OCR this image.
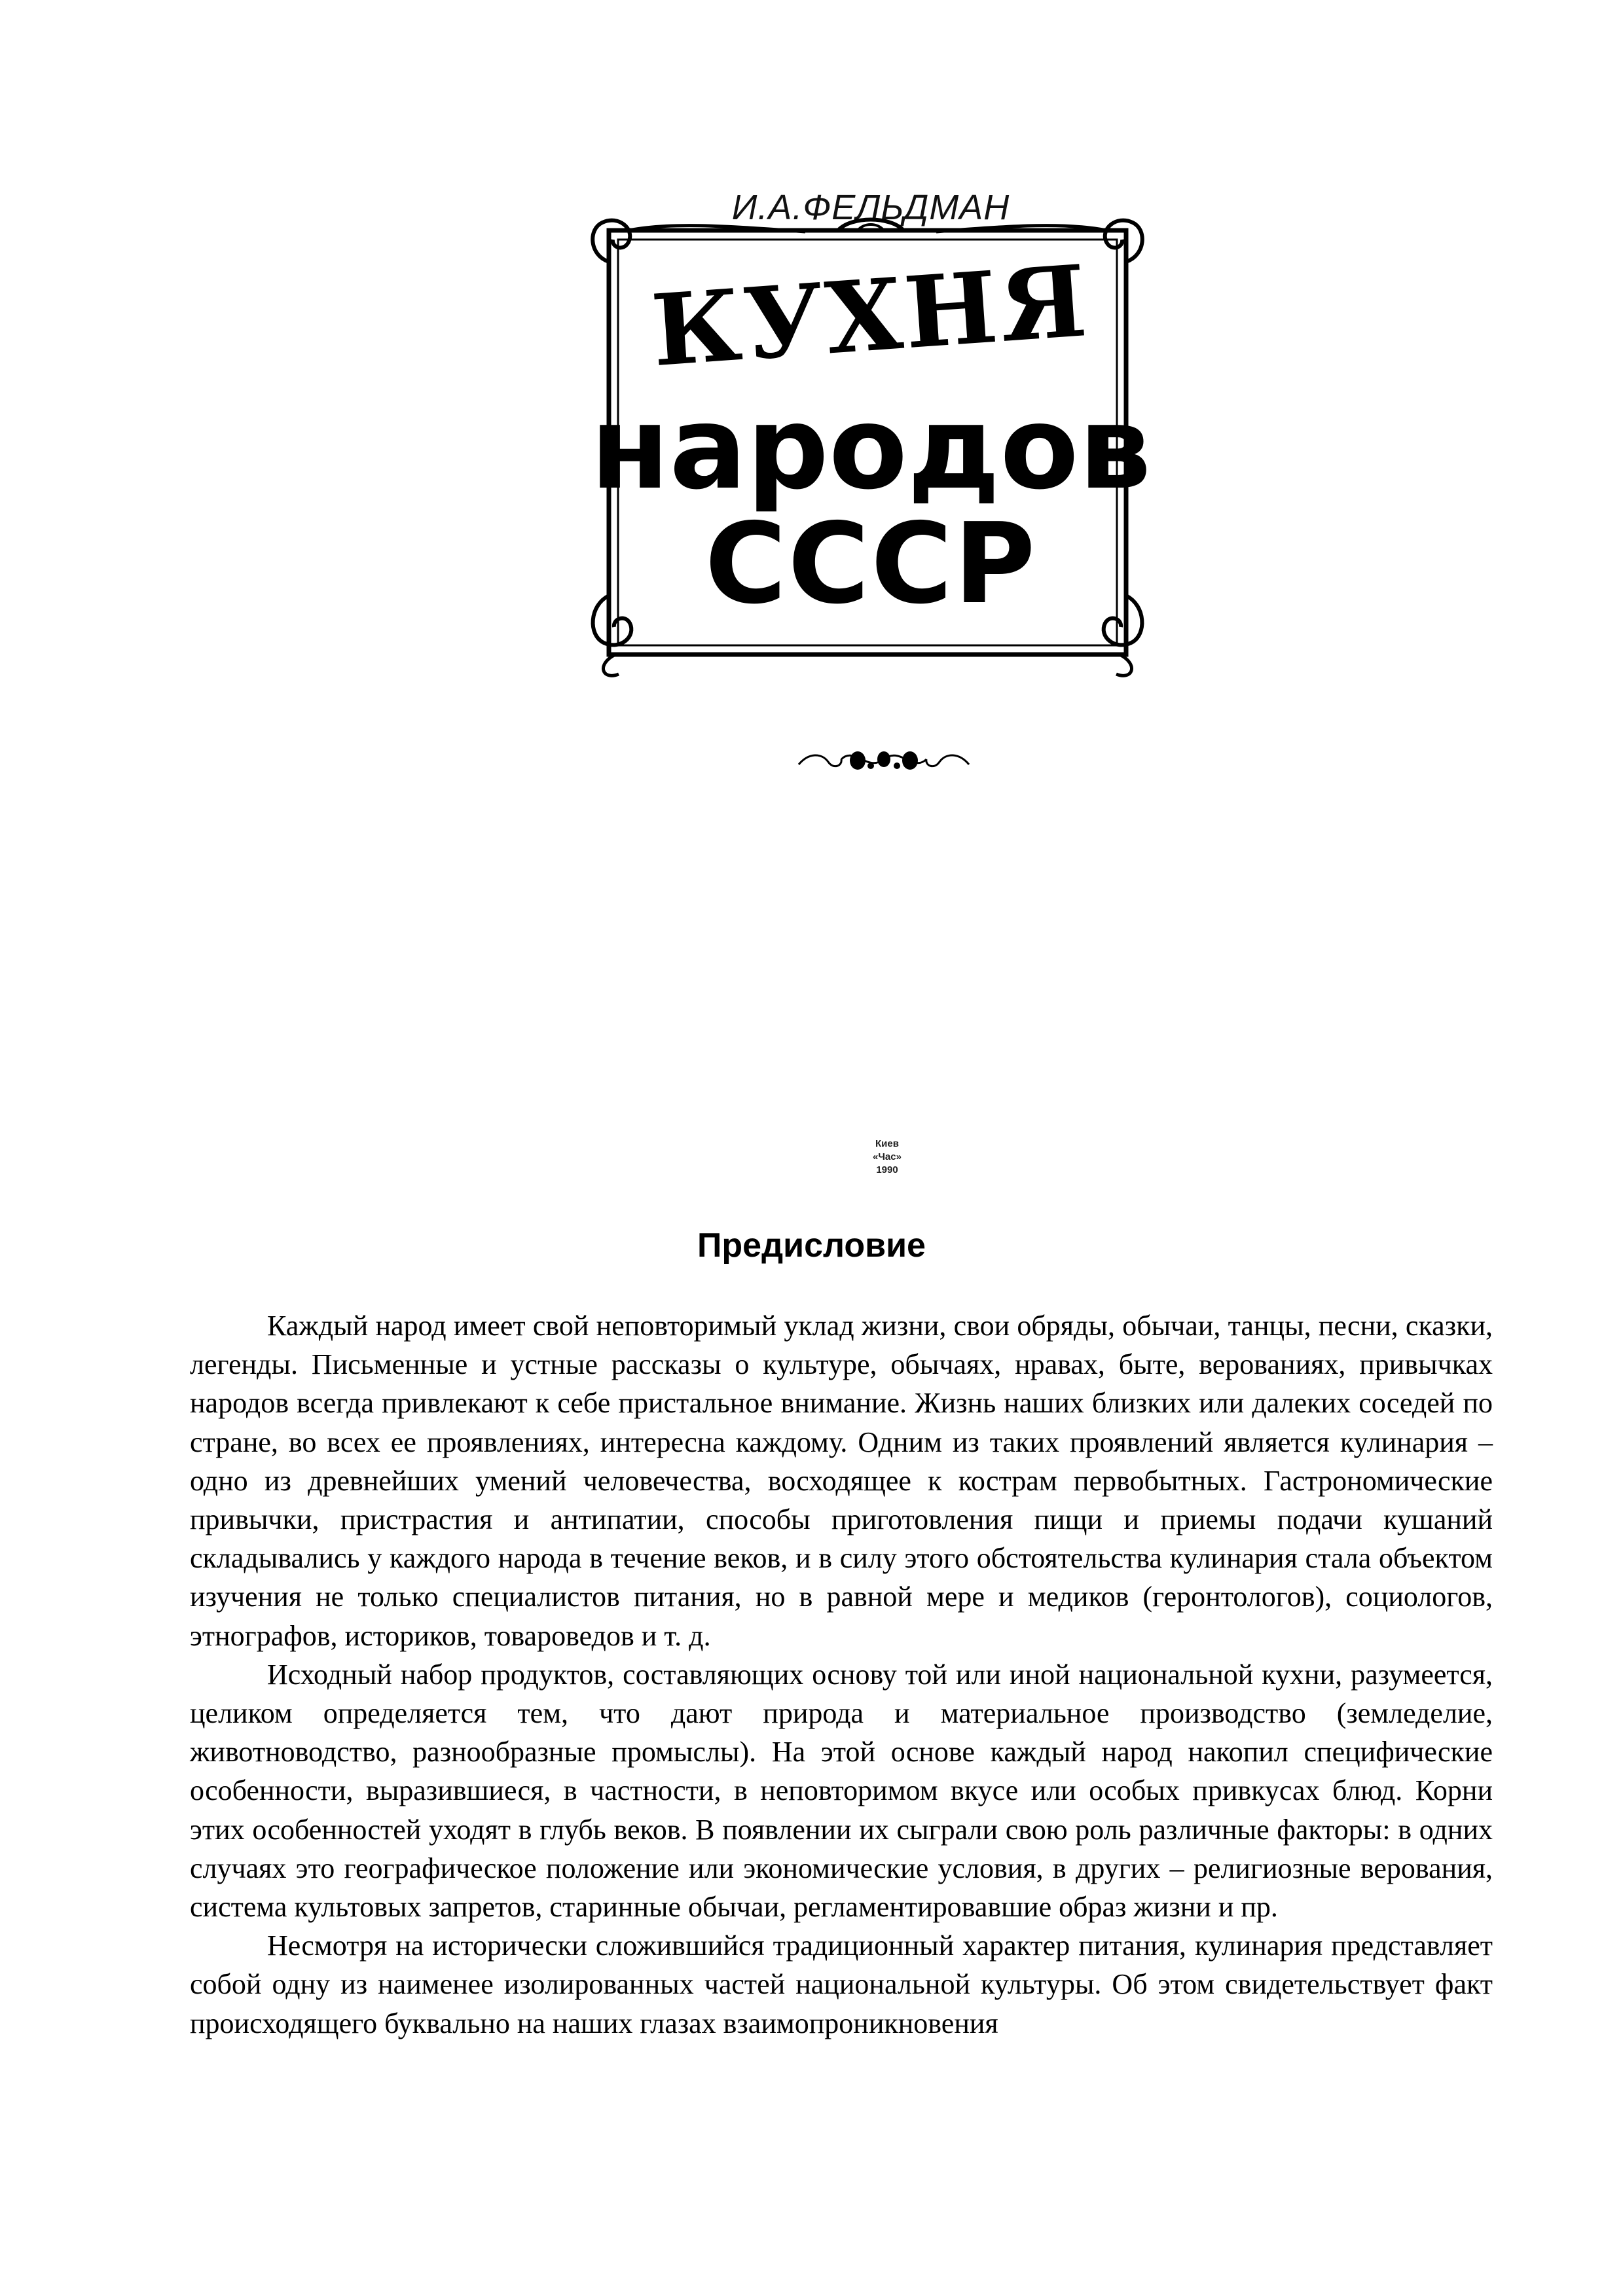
И.А.ФЕЛЬДМАН
КУХНЯ
народов
СССР
Киев
«Час»
1990
Предисловие

Каждый народ имеет свой неповторимый уклад жизни, свои обряды, обычаи, танцы, песни, сказки, легенды. Письменные и устные рассказы о культуре, обычаях, нравах, быте, верованиях, привычках народов всегда привлекают к себе пристальное внимание. Жизнь наших близких или далеких соседей по стране, во всех ее проявлениях, интересна каждому. Одним из таких проявлений является кулинария – одно из древнейших умений человечества, восходящее к кострам первобытных. Гастрономические привычки, пристрастия и антипатии, способы приготовления пищи и приемы подачи кушаний складывались у каждого народа в течение веков, и в силу этого обстоятельства кулинария стала объектом изучения не только специалистов питания, но в равной мере и медиков (геронтологов), социологов, этнографов, историков, товароведов и т. д.

Исходный набор продуктов, составляющих основу той или иной национальной кухни, разумеется, целиком определяется тем, что дают природа и материальное производство (земледелие, животноводство, разнообразные промыслы). На этой основе каждый народ накопил специфические особенности, выразившиеся, в частности, в неповторимом вкусе или особых привкусах блюд. Корни этих особенностей уходят в глубь веков. В появлении их сыграли свою роль различные факторы: в одних случаях это географическое положение или экономические условия, в других – религиозные верования, система культовых запретов, старинные обычаи, регламентировавшие образ жизни и пр.

Несмотря на исторически сложившийся традиционный характер питания, кулинария представляет собой одну из наименее изолированных частей национальной культуры. Об этом свидетельствует факт происходящего буквально на наших глазах взаимопроникновения
